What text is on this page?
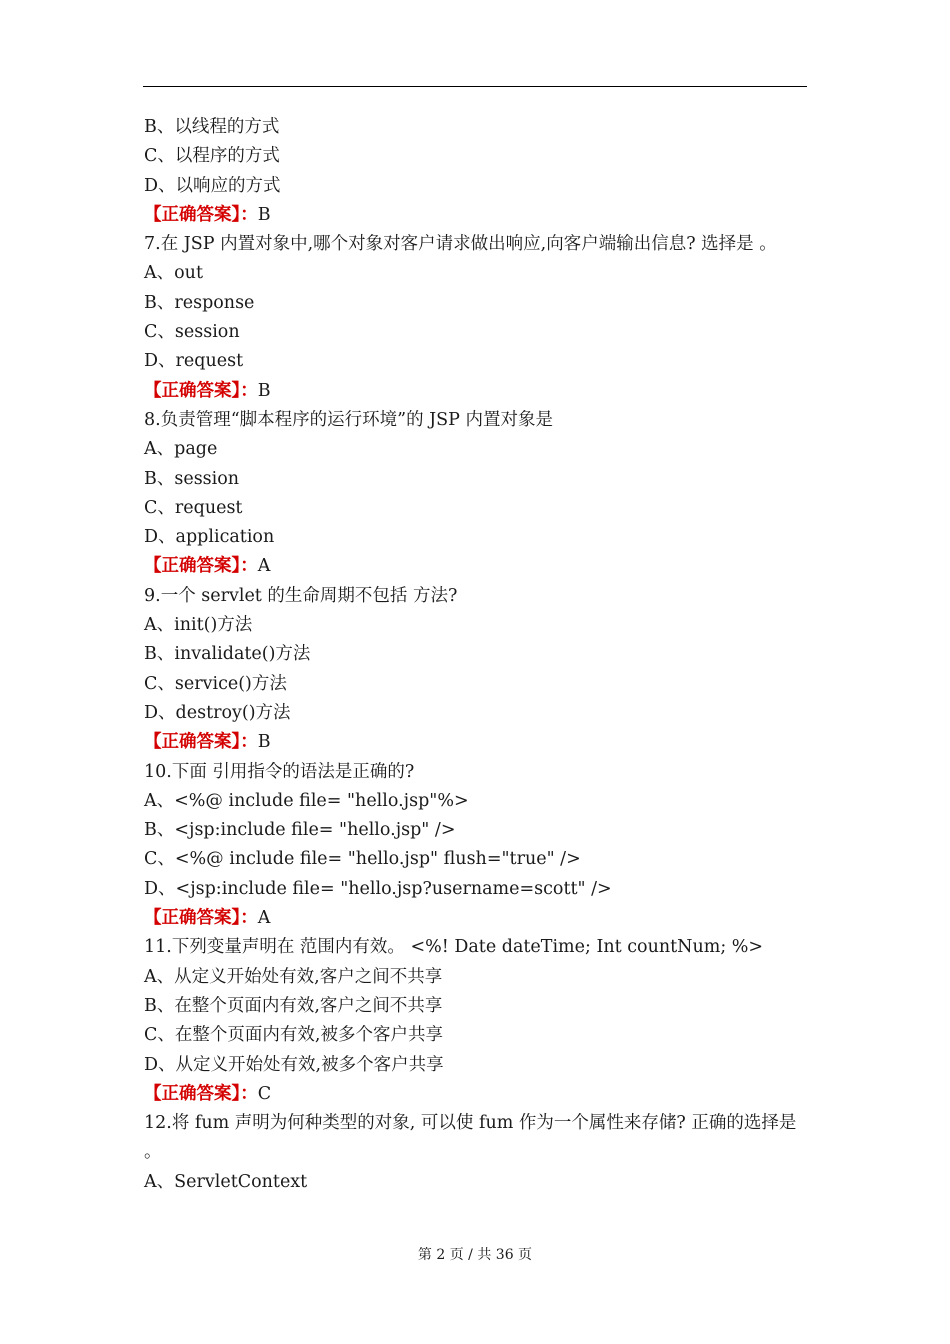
B、以线程的方式
C、以程序的方式
D、以响应的方式
【正确答案】：B
7.在 JSP 内置对象中,哪个对象对客户请求做出响应,向客户端输出信息? 选择是 。
A、out
B、response
C、session
D、request
【正确答案】：B
8.负责管理“脚本程序的运行环境”的 JSP 内置对象是
A、page
B、session
C、request
D、application
【正确答案】：A
9.一个 servlet 的生命周期不包括 方法?
A、init()方法
B、invalidate()方法
C、service()方法
D、destroy()方法
【正确答案】：B
10.下面 引用指令的语法是正确的?
A、<%@ include file= "hello.jsp"%>
B、<jsp:include file= "hello.jsp" />
C、<%@ include file= "hello.jsp" flush="true" />
D、<jsp:include file= "hello.jsp?username=scott" />
【正确答案】：A
11.下列变量声明在 范围内有效。 <%! Date dateTime; Int countNum; %>
A、从定义开始处有效,客户之间不共享
B、在整个页面内有效,客户之间不共享
C、在整个页面内有效,被多个客户共享
D、从定义开始处有效,被多个客户共享
【正确答案】：C
12.将 fum 声明为何种类型的对象, 可以使 fum 作为一个属性来存储? 正确的选择是 。
A、ServletContext
第 2 页 / 共 36 页
